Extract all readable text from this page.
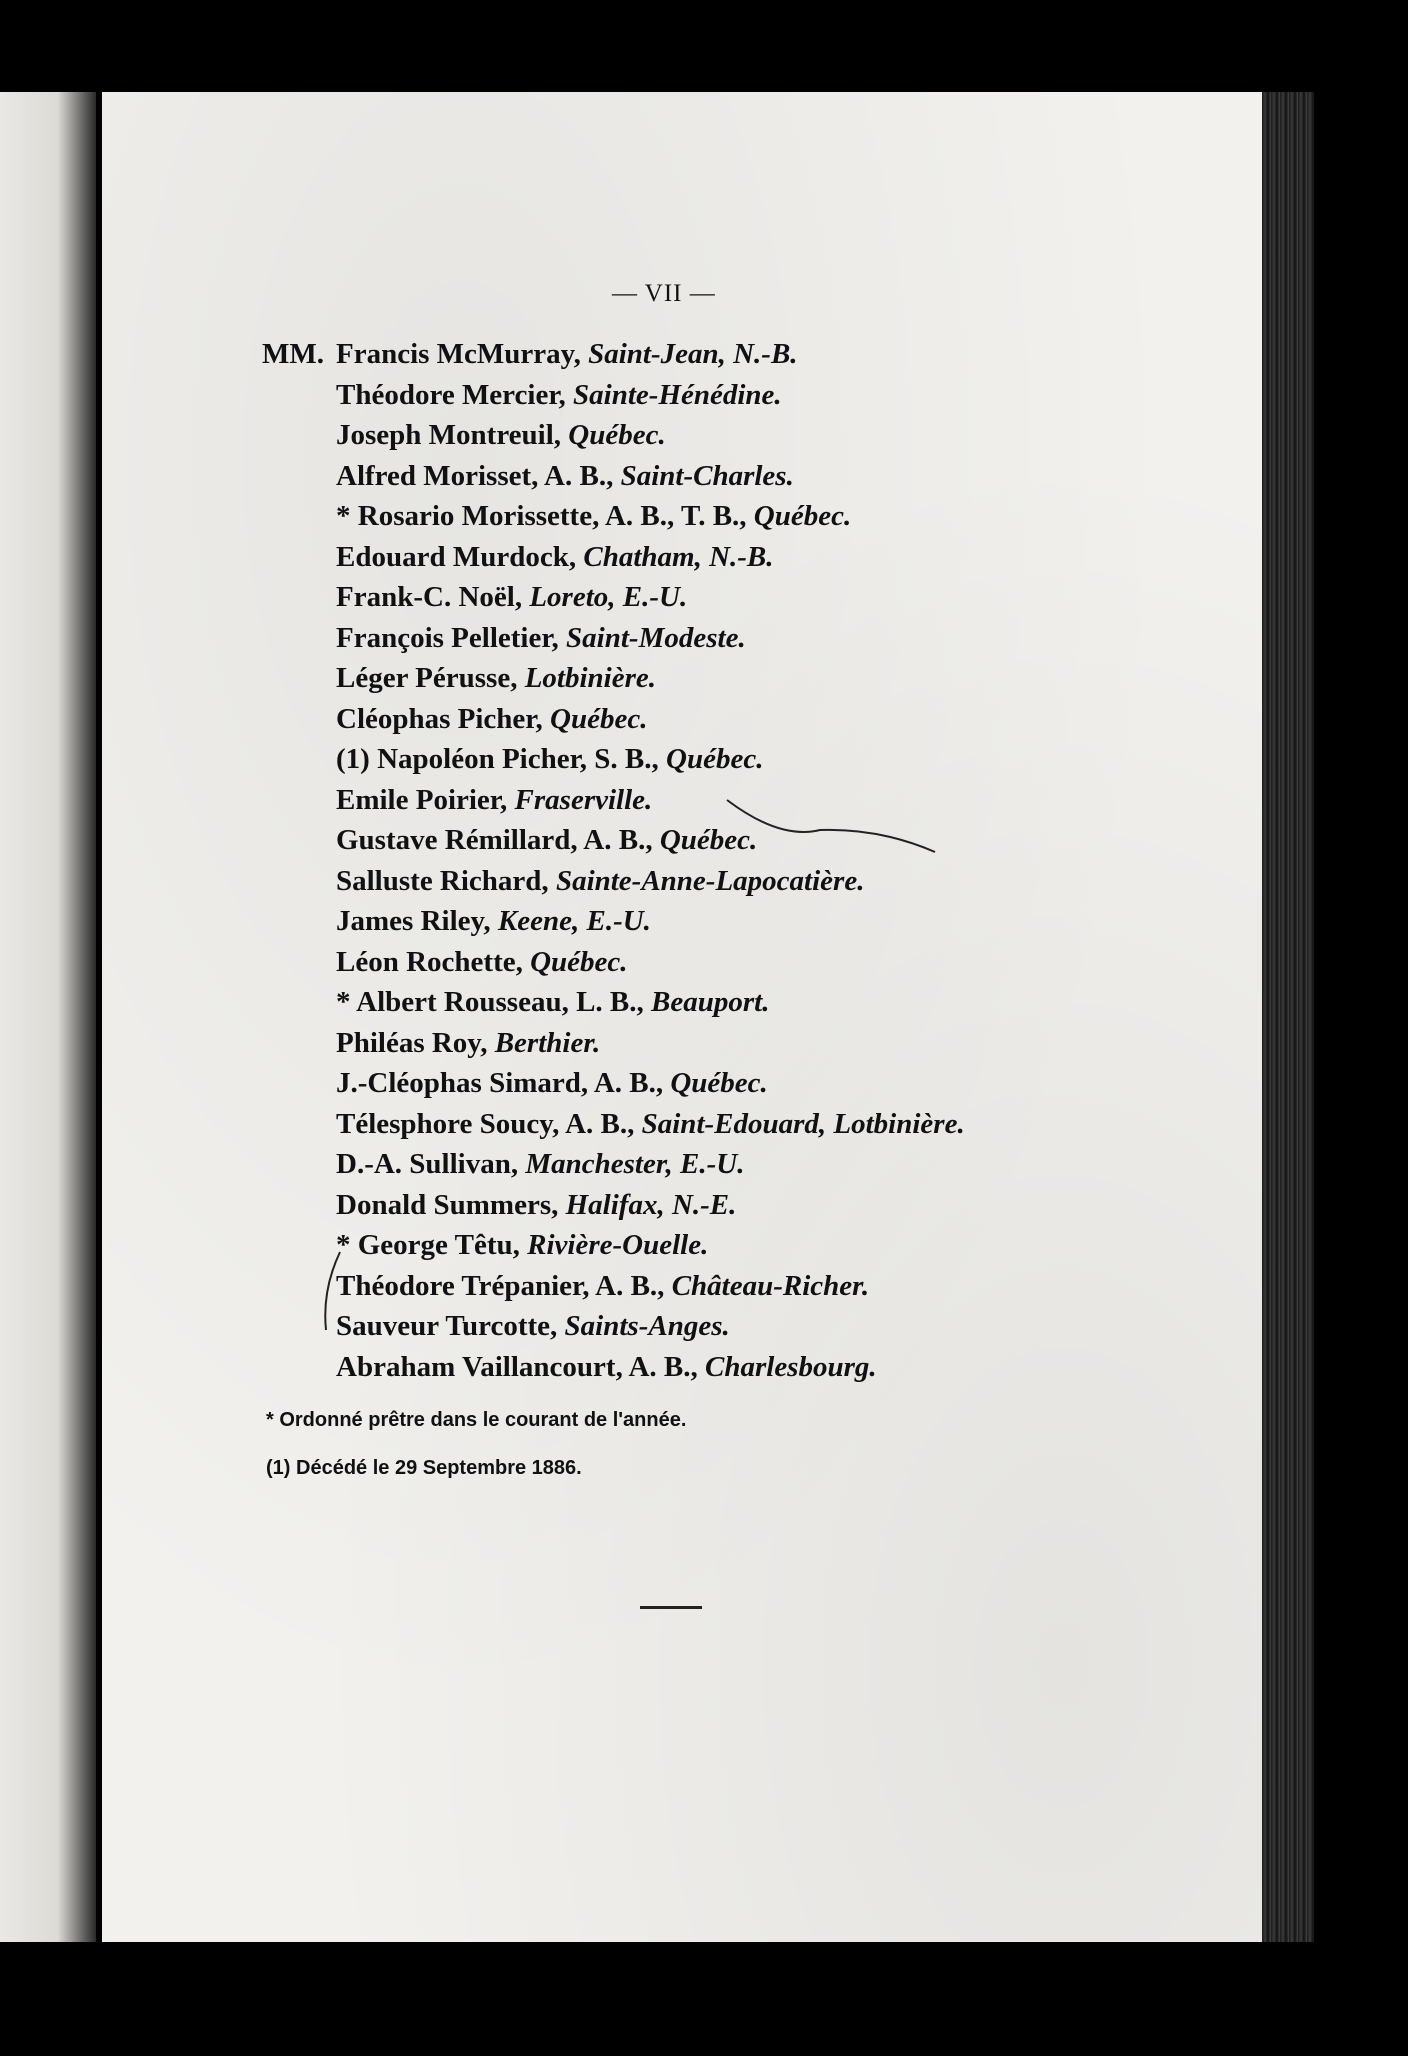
— VII —
MM. Francis McMurray, Saint-Jean, N.-B.
Théodore Mercier, Sainte-Hénédine.
Joseph Montreuil, Québec.
Alfred Morisset, A. B., Saint-Charles.
* Rosario Morissette, A. B., T. B., Québec.
Edouard Murdock, Chatham, N.-B.
Frank-C. Noël, Loreto, E.-U.
François Pelletier, Saint-Modeste.
Léger Pérusse, Lotbinière.
Cléophas Picher, Québec.
(1) Napoléon Picher, S. B., Québec.
Emile Poirier, Fraserville.
Gustave Rémillard, A. B., Québec.
Salluste Richard, Sainte-Anne-Lapocatière.
James Riley, Keene, E.-U.
Léon Rochette, Québec.
* Albert Rousseau, L. B., Beauport.
Philéas Roy, Berthier.
J.-Cléophas Simard, A. B., Québec.
Télesphore Soucy, A. B., Saint-Edouard, Lotbinière.
D.-A. Sullivan, Manchester, E.-U.
Donald Summers, Halifax, N.-E.
* George Têtu, Rivière-Ouelle.
Théodore Trépanier, A. B., Château-Richer.
Sauveur Turcotte, Saints-Anges.
Abraham Vaillancourt, A. B., Charlesbourg.

* Ordonné prêtre dans le courant de l'année.

(1) Décédé le 29 Septembre 1886.
